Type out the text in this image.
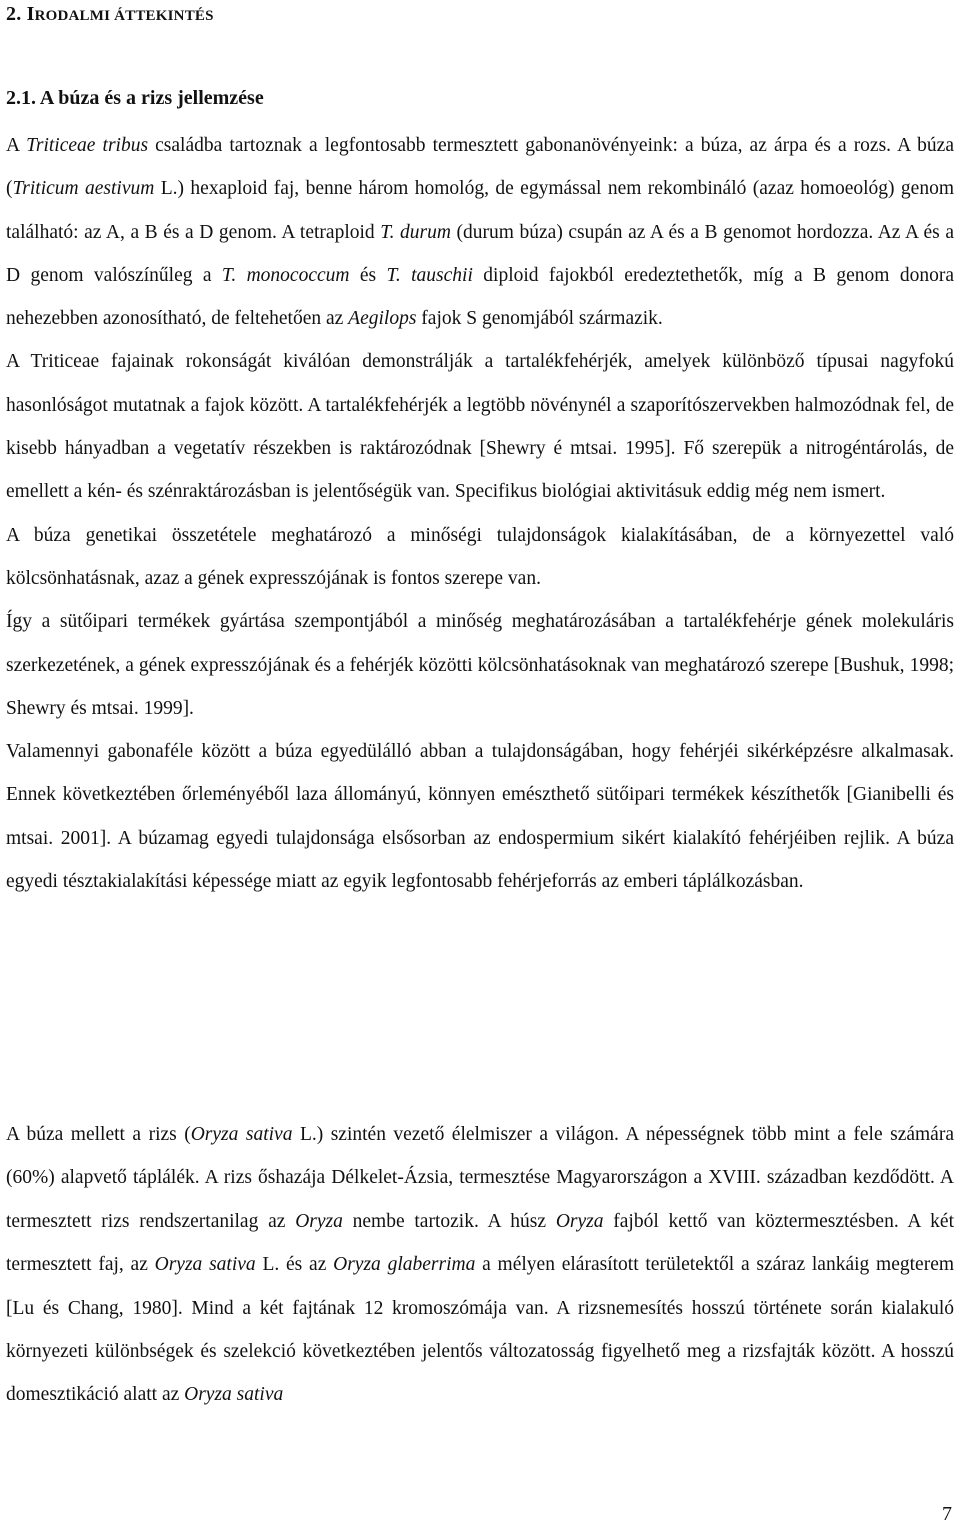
2. IRODALMI ÁTTEKINTÉS
2.1. A búza és a rizs jellemzése

A Triticeae tribus családba tartoznak a legfontosabb termesztett gabonanövényeink: a búza, az árpa és a rozs. A búza (Triticum aestivum L.) hexaploid faj, benne három homológ, de egymással nem rekombináló (azaz homoeológ) genom található: az A, a B és a D genom. A tetraploid T. durum (durum búza) csupán az A és a B genomot hordozza. Az A és a D genom valószínűleg a T. monococcum és T. tauschii diploid fajokból eredeztethetők, míg a B genom donora nehezebben azonosítható, de feltehetően az Aegilops fajok S genomjából származik.

A Triticeae fajainak rokonságát kiválóan demonstrálják a tartalékfehérjék, amelyek különböző típusai nagyfokú hasonlóságot mutatnak a fajok között. A tartalékfehérjék a legtöbb növénynél a szaporítószervekben halmozódnak fel, de kisebb hányadban a vegetatív részekben is raktározódnak [Shewry é mtsai. 1995]. Fő szerepük a nitrogéntárolás, de emellett a kén- és szénraktározásban is jelentőségük van. Specifikus biológiai aktivitásuk eddig még nem ismert.

A búza genetikai összetétele meghatározó a minőségi tulajdonságok kialakításában, de a környezettel való kölcsönhatásnak, azaz a gének expresszójának is fontos szerepe van.

Így a sütőipari termékek gyártása szempontjából a minőség meghatározásában a tartalékfehérje gének molekuláris szerkezetének, a gének expresszójának és a fehérjék közötti kölcsönhatásoknak van meghatározó szerepe [Bushuk, 1998; Shewry és mtsai. 1999].

Valamennyi gabonaféle között a búza egyedülálló abban a tulajdonságában, hogy fehérjéi sikérképzésre alkalmasak. Ennek következtében őrleményéből laza állományú, könnyen emészthető sütőipari termékek készíthetők [Gianibelli és mtsai. 2001]. A búzamag egyedi tulajdonsága elsősorban az endospermium sikért kialakító fehérjéiben rejlik. A búza egyedi tésztakialakítási képessége miatt az egyik legfontosabb fehérjeforrás az emberi táplálkozásban.

A búza mellett a rizs (Oryza sativa L.) szintén vezető élelmiszer a világon. A népességnek több mint a fele számára (60%) alapvető táplálék. A rizs őshazája Délkelet-Ázsia, termesztése Magyarországon a XVIII. században kezdődött. A termesztett rizs rendszertanilag az Oryza nembe tartozik. A húsz Oryza fajból kettő van köztermesztésben. A két termesztett faj, az Oryza sativa L. és az Oryza glaberrima a mélyen elárasított területektől a száraz lankáig megterem [Lu és Chang, 1980]. Mind a két fajtának 12 kromoszómája van. A rizsnemesítés hosszú története során kialakuló környezeti különbségek és szelekció következtében jelentős változatosság figyelhető meg a rizsfajták között. A hosszú domesztikáció alatt az Oryza sativa

7
